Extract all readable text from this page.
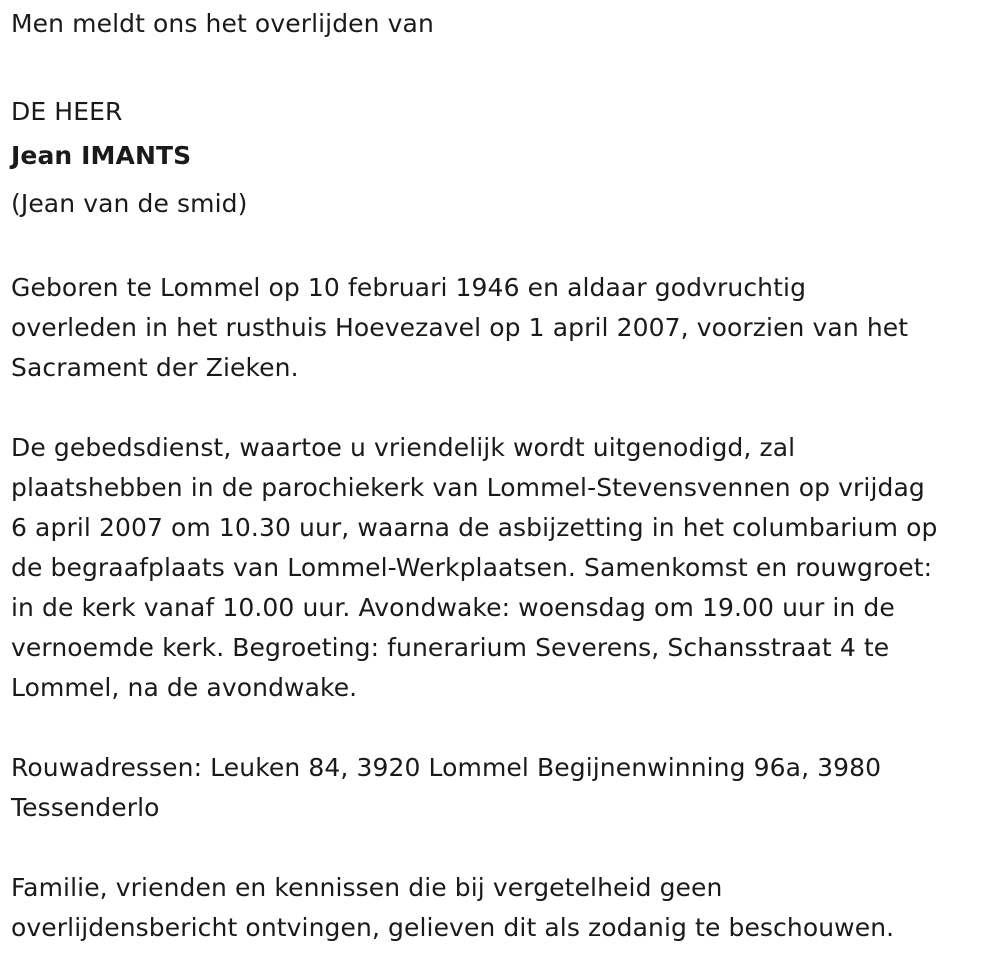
Men meldt ons het overlijden van

DE HEER

Jean IMANTS

(Jean van de smid)

Geboren te Lommel op 10 februari 1946 en aldaar godvruchtig
overleden in het rusthuis Hoevezavel op 1 april 2007, voorzien van het
Sacrament der Zieken.

De gebedsdienst, waartoe u vriendelijk wordt uitgenodigd, zal
plaatshebben in de parochiekerk van Lommel-Stevensvennen op vrijdag
6 april 2007 om 10.30 uur, waarna de asbijzetting in het columbarium op
de begraafplaats van Lommel-Werkplaatsen. Samenkomst en rouwgroet:
in de kerk vanaf 10.00 uur. Avondwake: woensdag om 19.00 uur in de
vernoemde kerk. Begroeting: funerarium Severens, Schansstraat 4 te
Lommel, na de avondwake.

Rouwadressen: Leuken 84, 3920 Lommel Begijnenwinning 96a, 3980
Tessenderlo

Familie, vrienden en kennissen die bij vergetelheid geen
overlijdensbericht ontvingen, gelieven dit als zodanig te beschouwen.
